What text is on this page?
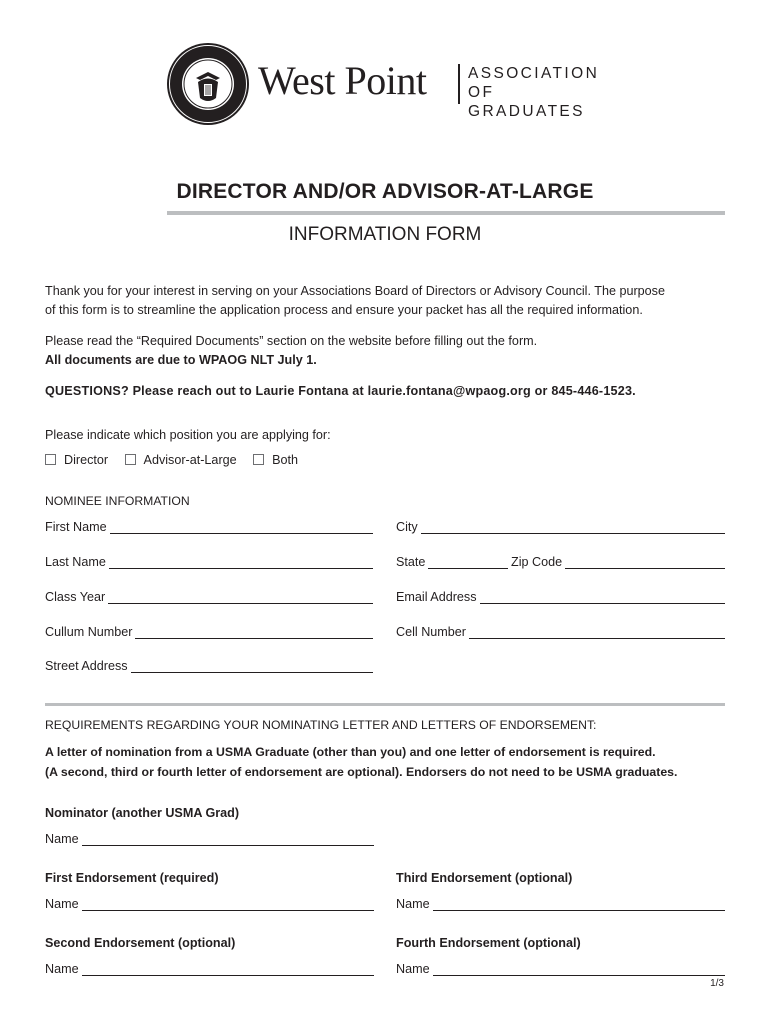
West Point	ASSOCIATION
OF GRADUATES
DIRECTOR AND/OR ADVISOR-AT-LARGE
INFORMATION FORM
Thank you for your interest in serving on your Associations Board of Directors or Advisory Council. The purpose
of this form is to streamline the application process and ensure your packet has all the required information.
Please read the “Required Documents” section on the website before filling out the form.
All documents are due to WPAOG NLT July 1.
QUESTIONS? Please reach out to Laurie Fontana at laurie.fontana@wpaog.org or 845-446-1523.
Please indicate which position you are applying for:
Director
	Advisor-at-Large
	Both
NOMINEE INFORMATION
First Name	City
Last Name	State	Zip Code
Class Year	Email Address
Cullum Number	Cell Number
Street Address
REQUIREMENTS REGARDING YOUR NOMINATING LETTER AND LETTERS OF ENDORSEMENT:
A letter of nomination from a USMA Graduate (other than you) and one letter of endorsement is required.
(A second, third or fourth letter of endorsement are optional). Endorsers do not need to be USMA graduates.
Nominator (another USMA Grad)
Name
First Endorsement (required)	Third Endorsement (optional)
Name	Name
Second Endorsement (optional)	Fourth Endorsement (optional)
Name	Name
1/3
